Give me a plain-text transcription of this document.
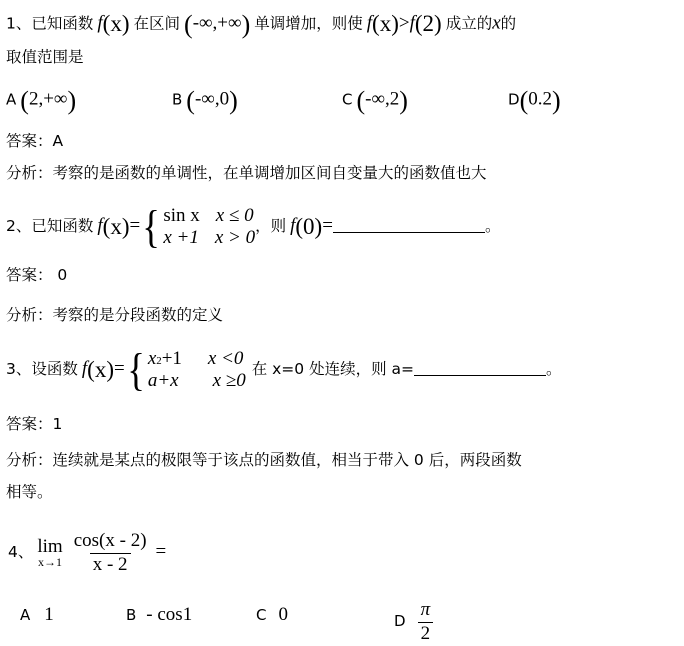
1、已知函数 f(x) 在区间 (-∞,+∞) 单调增加，则使 f(x)>f(2) 成立的x的
取值范围是
A (2,+∞)	B (-∞,0)	C (-∞,2)	D(0.2)
答案：A
分析：考察的是函数的单调性，在单调增加区间自变量大的函数值也大
2、已知函数 f(x)= { sin x x ≤ 0
x +1 x > 0
，则 f(0)=	。
答案： 0
分析：考察的是分段函数的定义
3、设函数 f(x)= { x 2 +1 x <0
a+x x ≥0
在 x=0 处连续，则 a=	。
答案：1
分析：连续就是某点的极限等于该点的函数值，相当于带入 0 后，两段函数
相等。
4、 lim
x→1
$\frac{\cos(x - 2)}{x - 2}$ =
A 1	B - cos1	C 0	D $\frac{\pi}{2}$
